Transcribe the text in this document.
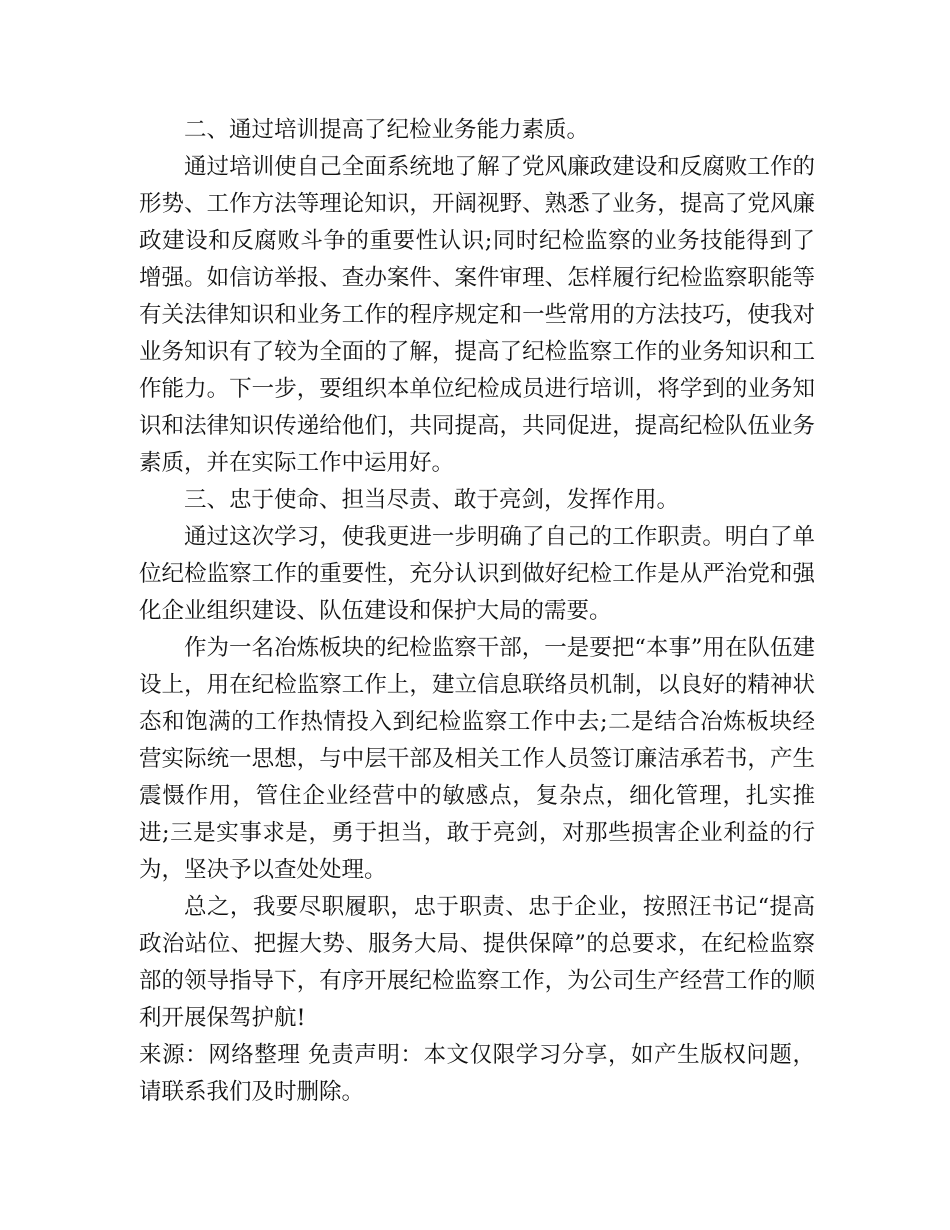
二、通过培训提高了纪检业务能力素质。

通过培训使自己全面系统地了解了党风廉政建设和反腐败工作的形势、工作方法等理论知识，开阔视野、熟悉了业务，提高了党风廉政建设和反腐败斗争的重要性认识;同时纪检监察的业务技能得到了增强。如信访举报、查办案件、案件审理、怎样履行纪检监察职能等有关法律知识和业务工作的程序规定和一些常用的方法技巧，使我对业务知识有了较为全面的了解，提高了纪检监察工作的业务知识和工作能力。下一步，要组织本单位纪检成员进行培训，将学到的业务知识和法律知识传递给他们，共同提高，共同促进，提高纪检队伍业务素质，并在实际工作中运用好。

三、忠于使命、担当尽责、敢于亮剑，发挥作用。

通过这次学习，使我更进一步明确了自己的工作职责。明白了单位纪检监察工作的重要性，充分认识到做好纪检工作是从严治党和强化企业组织建设、队伍建设和保护大局的需要。

作为一名冶炼板块的纪检监察干部，一是要把“本事”用在队伍建设上，用在纪检监察工作上，建立信息联络员机制，以良好的精神状态和饱满的工作热情投入到纪检监察工作中去;二是结合冶炼板块经营实际统一思想，与中层干部及相关工作人员签订廉洁承若书，产生震慑作用，管住企业经营中的敏感点，复杂点，细化管理，扎实推进;三是实事求是，勇于担当，敢于亮剑，对那些损害企业利益的行为，坚决予以查处处理。

总之，我要尽职履职，忠于职责、忠于企业，按照汪书记“提高政治站位、把握大势、服务大局、提供保障”的总要求，在纪检监察部的领导指导下，有序开展纪检监察工作，为公司生产经营工作的顺利开展保驾护航!

来源：网络整理 免责声明：本文仅限学习分享，如产生版权问题，请联系我们及时删除。
